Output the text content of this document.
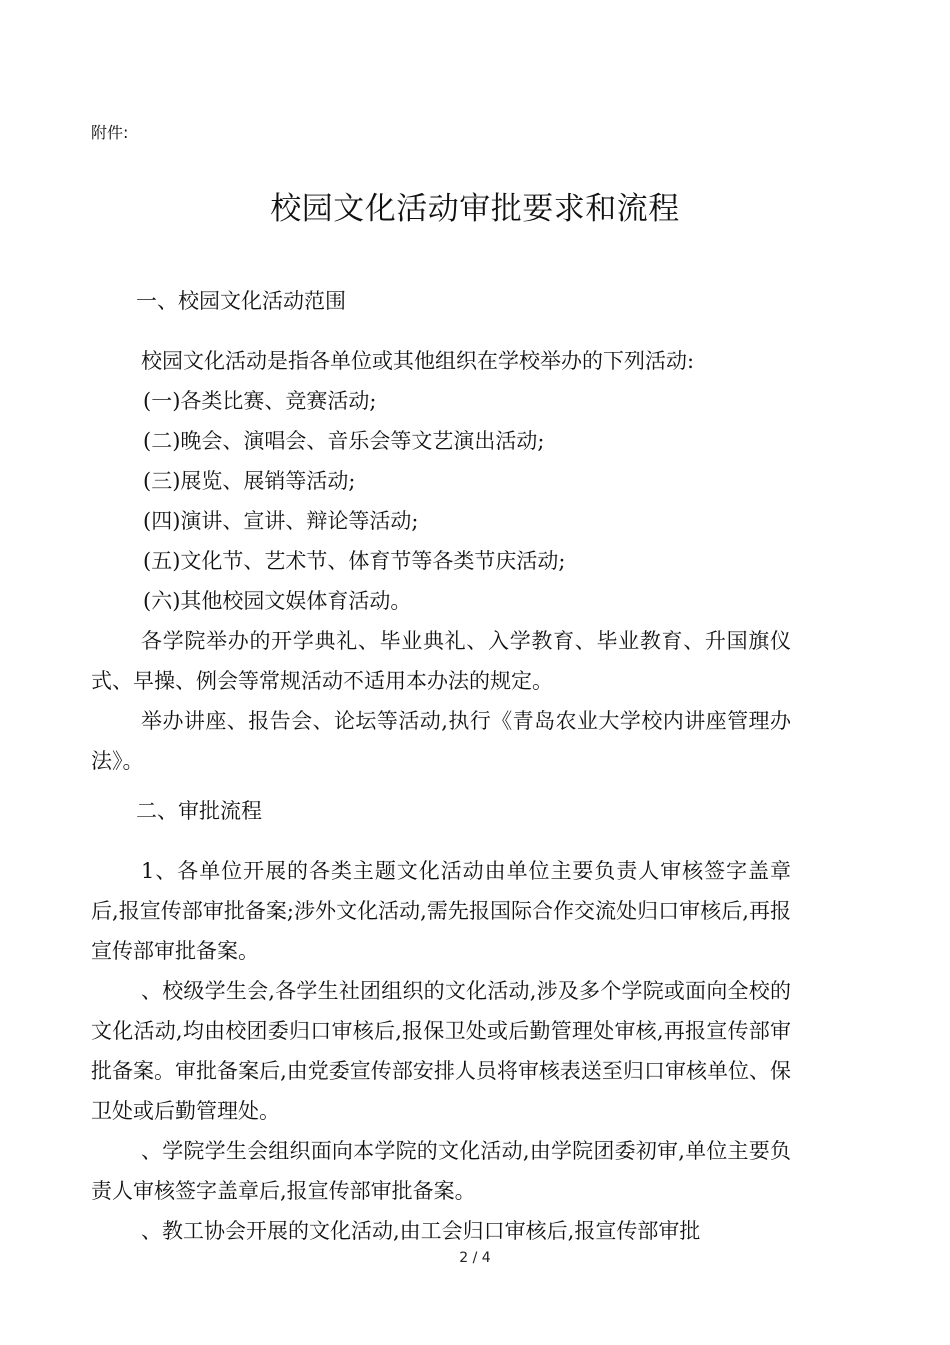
附件:
校园文化活动审批要求和流程
一、校园文化活动范围

校园文化活动是指各单位或其他组织在学校举办的下列活动:

(一)各类比赛、竞赛活动;

(二)晚会、演唱会、音乐会等文艺演出活动;

(三)展览、展销等活动;

(四)演讲、宣讲、辩论等活动;

(五)文化节、艺术节、体育节等各类节庆活动;

(六)其他校园文娱体育活动。

各学院举办的开学典礼、毕业典礼、入学教育、毕业教育、升国旗仪式、早操、例会等常规活动不适用本办法的规定。

举办讲座、报告会、论坛等活动,执行《青岛农业大学校内讲座管理办法》。

二、审批流程

1、各单位开展的各类主题文化活动由单位主要负责人审核签字盖章后,报宣传部审批备案;涉外文化活动,需先报国际合作交流处归口审核后,再报宣传部审批备案。

、校级学生会,各学生社团组织的文化活动,涉及多个学院或面向全校的文化活动,均由校团委归口审核后,报保卫处或后勤管理处审核,再报宣传部审批备案。审批备案后,由党委宣传部安排人员将审核表送至归口审核单位、保卫处或后勤管理处。

、学院学生会组织面向本学院的文化活动,由学院团委初审,单位主要负责人审核签字盖章后,报宣传部审批备案。

、教工协会开展的文化活动,由工会归口审核后,报宣传部审批

2 / 4
